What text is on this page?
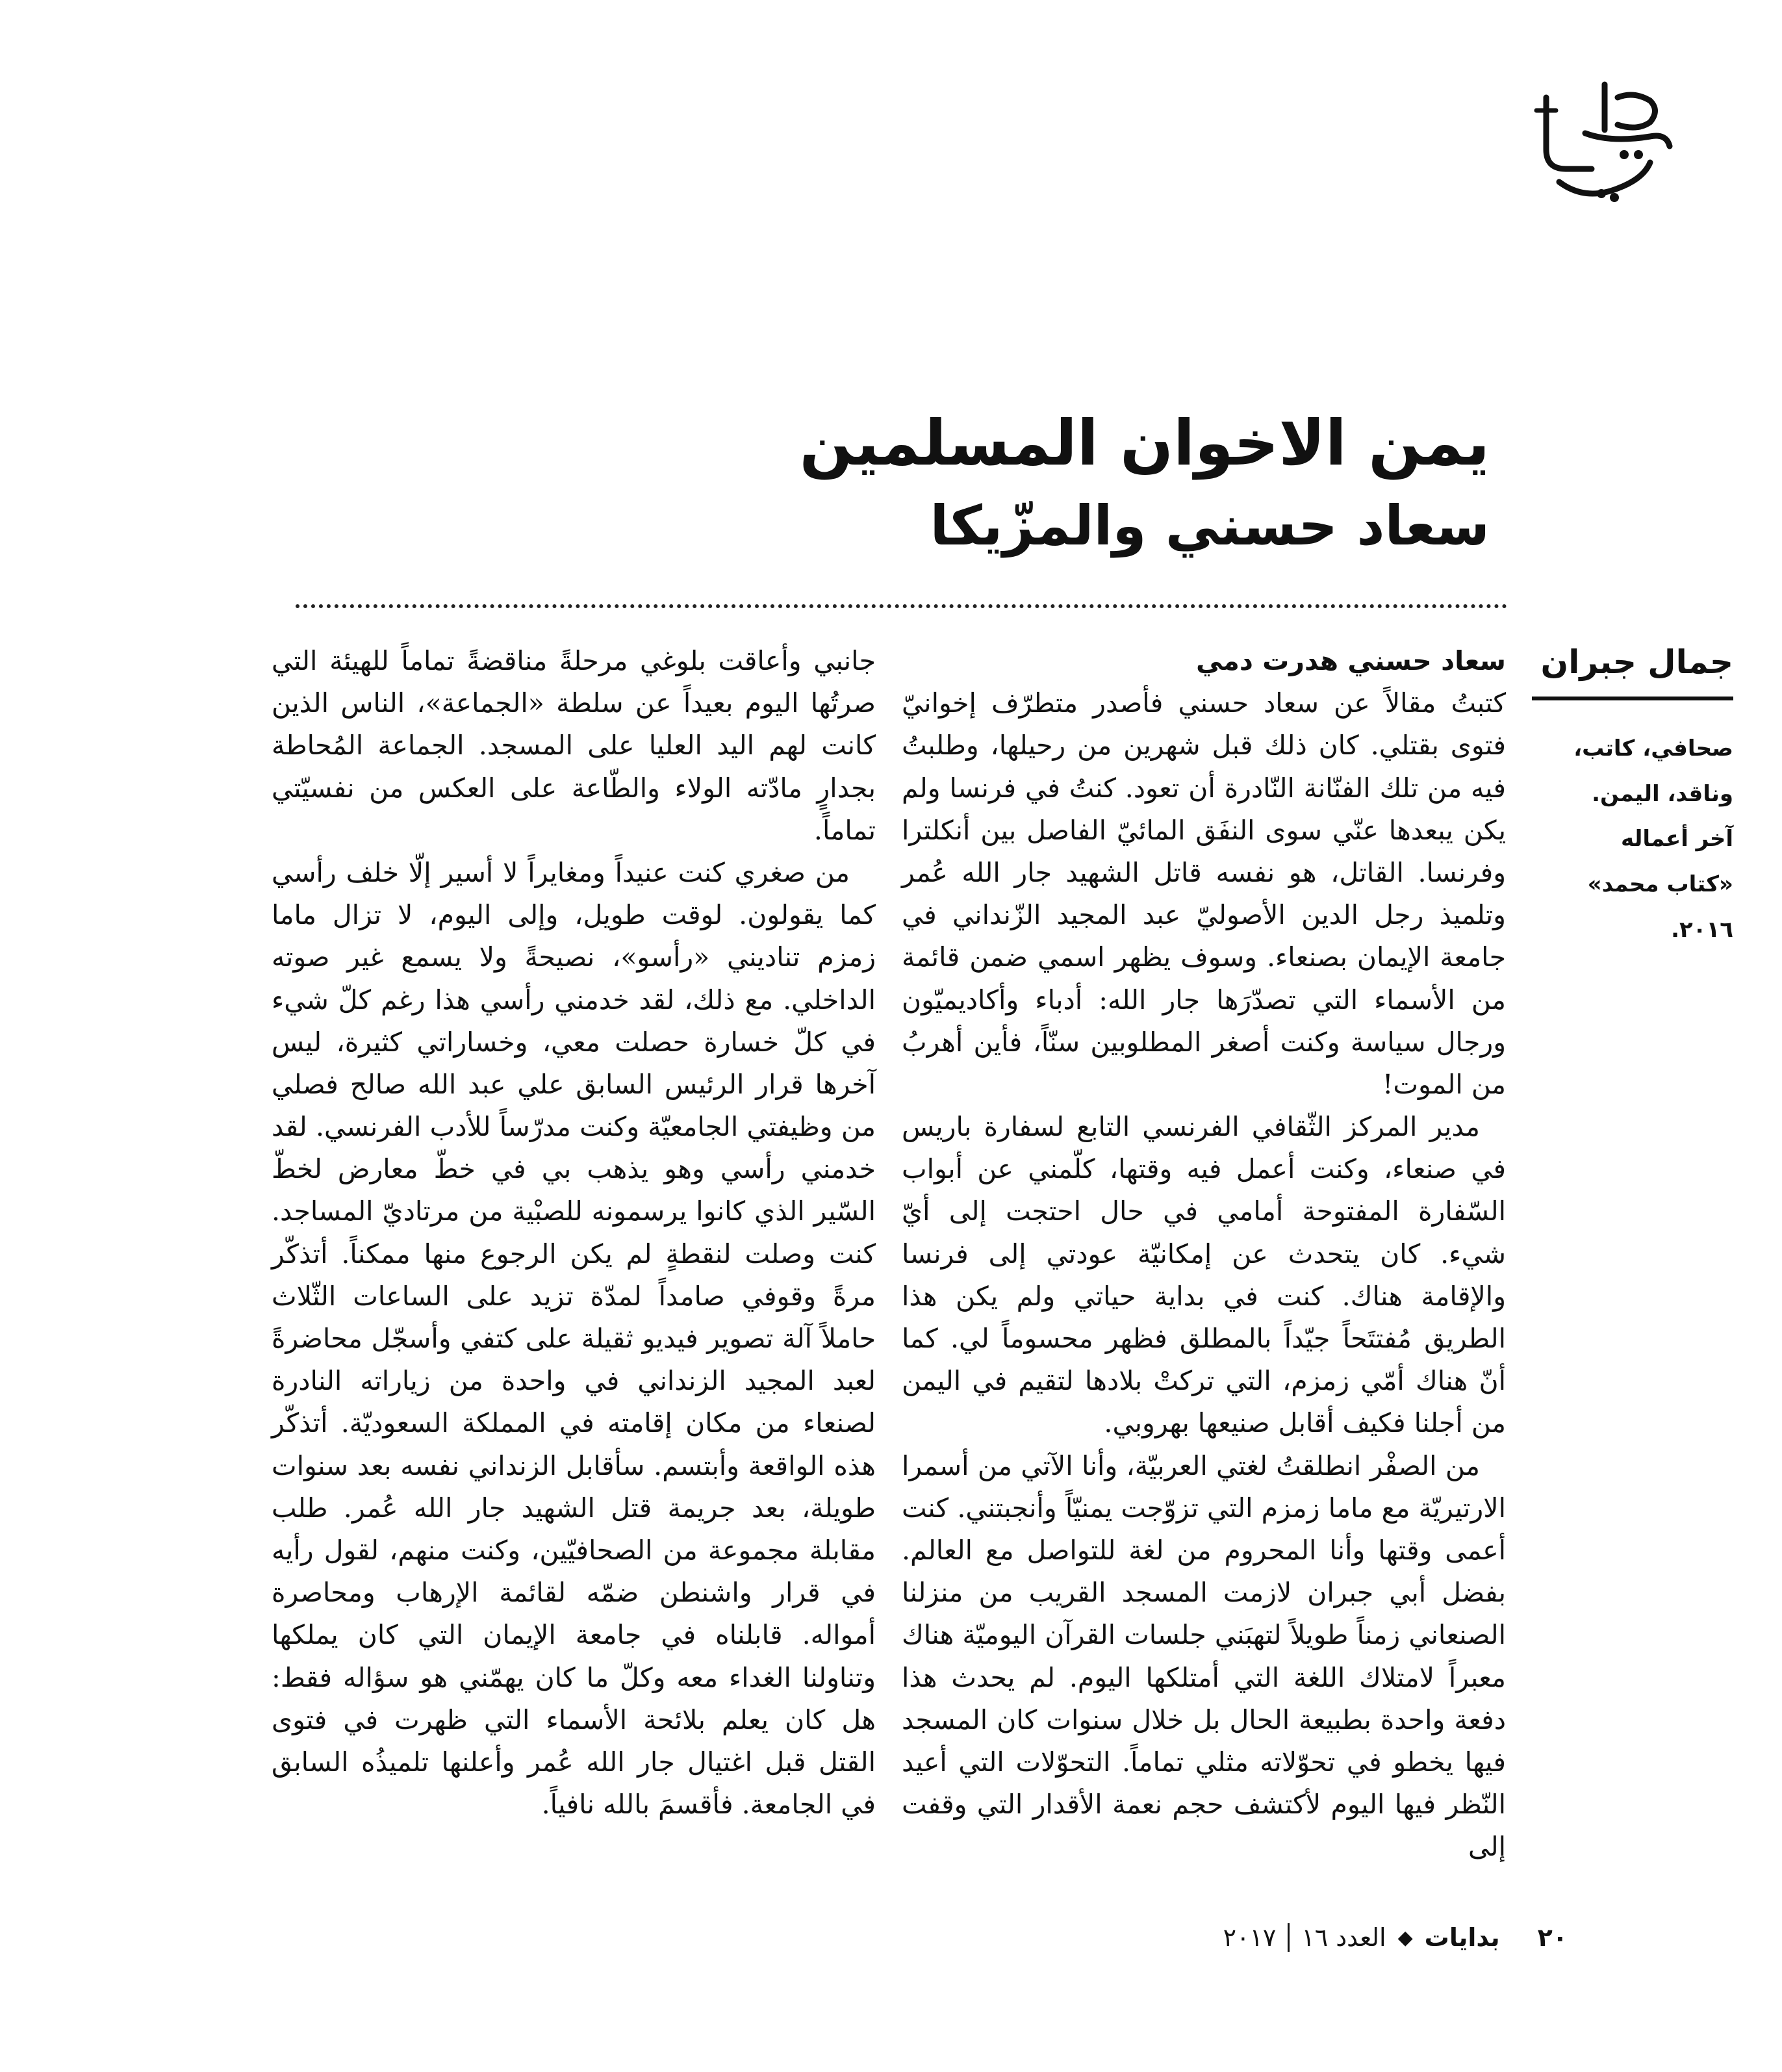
يمن الاخوان المسلمين
سعاد حسني والمزّيكا
جمال جبران
صحافي، كاتب،
وناقد، اليمن.
آخر أعماله
«كتاب محمد» ٢٠١٦.
سعاد حسني هدرت دمي

كتبتُ مقالاً عن سعاد حسني فأصدر متطرّف إخوانيّ فتوى بقتلي. كان ذلك قبل شهرين من رحيلها، وطلبتُ فيه من تلك الفنّانة النّادرة أن تعود. كنتُ في فرنسا ولم يكن يبعدها عنّي سوى النفَق المائيّ الفاصل بين أنكلترا وفرنسا. القاتل، هو نفسه قاتل الشهيد جار الله عُمر وتلميذ رجل الدين الأصوليّ عبد المجيد الزّنداني في جامعة الإيمان بصنعاء. وسوف يظهر اسمي ضمن قائمة من الأسماء التي تصدّرَها جار الله: أدباء وأكاديميّون ورجال سياسة وكنت أصغر المطلوبين سنّاً، فأين أهربُ من الموت!

مدير المركز الثّقافي الفرنسي التابع لسفارة باريس في صنعاء، وكنت أعمل فيه وقتها، كلّمني عن أبواب السّفارة المفتوحة أمامي في حال احتجت إلى أيّ شيء. كان يتحدث عن إمكانيّة عودتي إلى فرنسا والإقامة هناك. كنت في بداية حياتي ولم يكن هذا الطريق مُفتتَحاً جيّداً بالمطلق فظهر محسوماً لي. كما أنّ هناك أمّي زمزم، التي تركتْ بلادها لتقيم في اليمن من أجلنا فكيف أقابل صنيعها بهروبي.

من الصفْر انطلقتُ لغتي العربيّة، وأنا الآتي من أسمرا الارتيريّة مع ماما زمزم التي تزوّجت يمنيّاً وأنجبتني. كنت أعمى وقتها وأنا المحروم من لغة للتواصل مع العالم. بفضل أبي جبران لازمت المسجد القريب من منزلنا الصنعاني زمناً طويلاً لتهبَني جلسات القرآن اليوميّة هناك معبراً لامتلاك اللغة التي أمتلكها اليوم. لم يحدث هذا دفعة واحدة بطبيعة الحال بل خلال سنوات كان المسجد فيها يخطو في تحوّلاته مثلي تماماً. التحوّلات التي أعيد النّظر فيها اليوم لأكتشف حجم نعمة الأقدار التي وقفت إلى

جانبي وأعاقت بلوغي مرحلةً مناقضةً تماماً للهيئة التي صرتُها اليوم بعيداً عن سلطة «الجماعة»، الناس الذين كانت لهم اليد العليا على المسجد. الجماعة المُحاطة بجدارٍ مادّته الولاء والطّاعة على العكس من نفسيّتي تماماً.

من صغري كنت عنيداً ومغايراً لا أسير إلّا خلف رأسي كما يقولون. لوقت طويل، وإلى اليوم، لا تزال ماما زمزم تناديني «رأسو»، نصيحةً ولا يسمع غير صوته الداخلي. مع ذلك، لقد خدمني رأسي هذا رغم كلّ شيء في كلّ خسارة حصلت معي، وخساراتي كثيرة، ليس آخرها قرار الرئيس السابق علي عبد الله صالح فصلي من وظيفتي الجامعيّة وكنت مدرّساً للأدب الفرنسي. لقد خدمني رأسي وهو يذهب بي في خطّ معارض لخطّ السّير الذي كانوا يرسمونه للصبْية من مرتاديّ المساجد. كنت وصلت لنقطةٍ لم يكن الرجوع منها ممكناً. أتذكّر مرةً وقوفي صامداً لمدّة تزيد على الساعات الثّلاث حاملاً آلة تصوير فيديو ثقيلة على كتفي وأسجّل محاضرةً لعبد المجيد الزنداني في واحدة من زياراته النادرة لصنعاء من مكان إقامته في المملكة السعوديّة. أتذكّر هذه الواقعة وأبتسم. سأقابل الزنداني نفسه بعد سنوات طويلة، بعد جريمة قتل الشهيد جار الله عُمر. طلب مقابلة مجموعة من الصحافيّين، وكنت منهم، لقول رأيه في قرار واشنطن ضمّه لقائمة الإرهاب ومحاصرة أمواله. قابلناه في جامعة الإيمان التي كان يملكها وتناولنا الغداء معه وكلّ ما كان يهمّني هو سؤاله فقط: هل كان يعلم بلائحة الأسماء التي ظهرت في فتوى القتل قبل اغتيال جار الله عُمر وأعلنها تلميذُه السابق في الجامعة. فأقسمَ بالله نافياً.

٢٠
بدايات
◆
العدد ١٦
٢٠١٧
